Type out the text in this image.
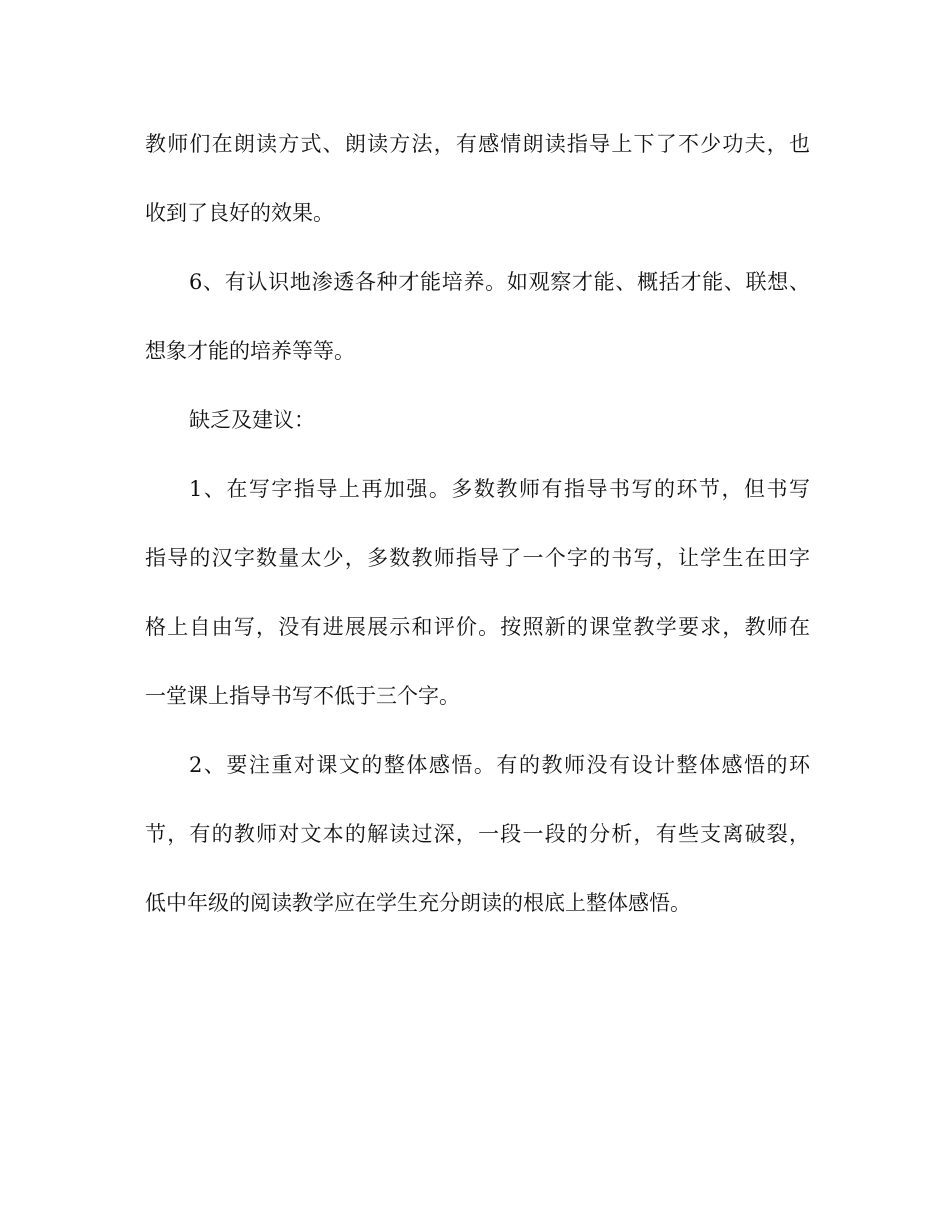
教师们在朗读方式、朗读方法，有感情朗读指导上下了不少功夫，也
收到了良好的效果。
6、有认识地渗透各种才能培养。如观察才能、概括才能、联想、
想象才能的培养等等。
缺乏及建议：
1、在写字指导上再加强。多数教师有指导书写的环节，但书写
指导的汉字数量太少，多数教师指导了一个字的书写，让学生在田字
格上自由写，没有进展展示和评价。按照新的课堂教学要求，教师在
一堂课上指导书写不低于三个字。
2、要注重对课文的整体感悟。有的教师没有设计整体感悟的环
节，有的教师对文本的解读过深，一段一段的分析，有些支离破裂，
低中年级的阅读教学应在学生充分朗读的根底上整体感悟。
